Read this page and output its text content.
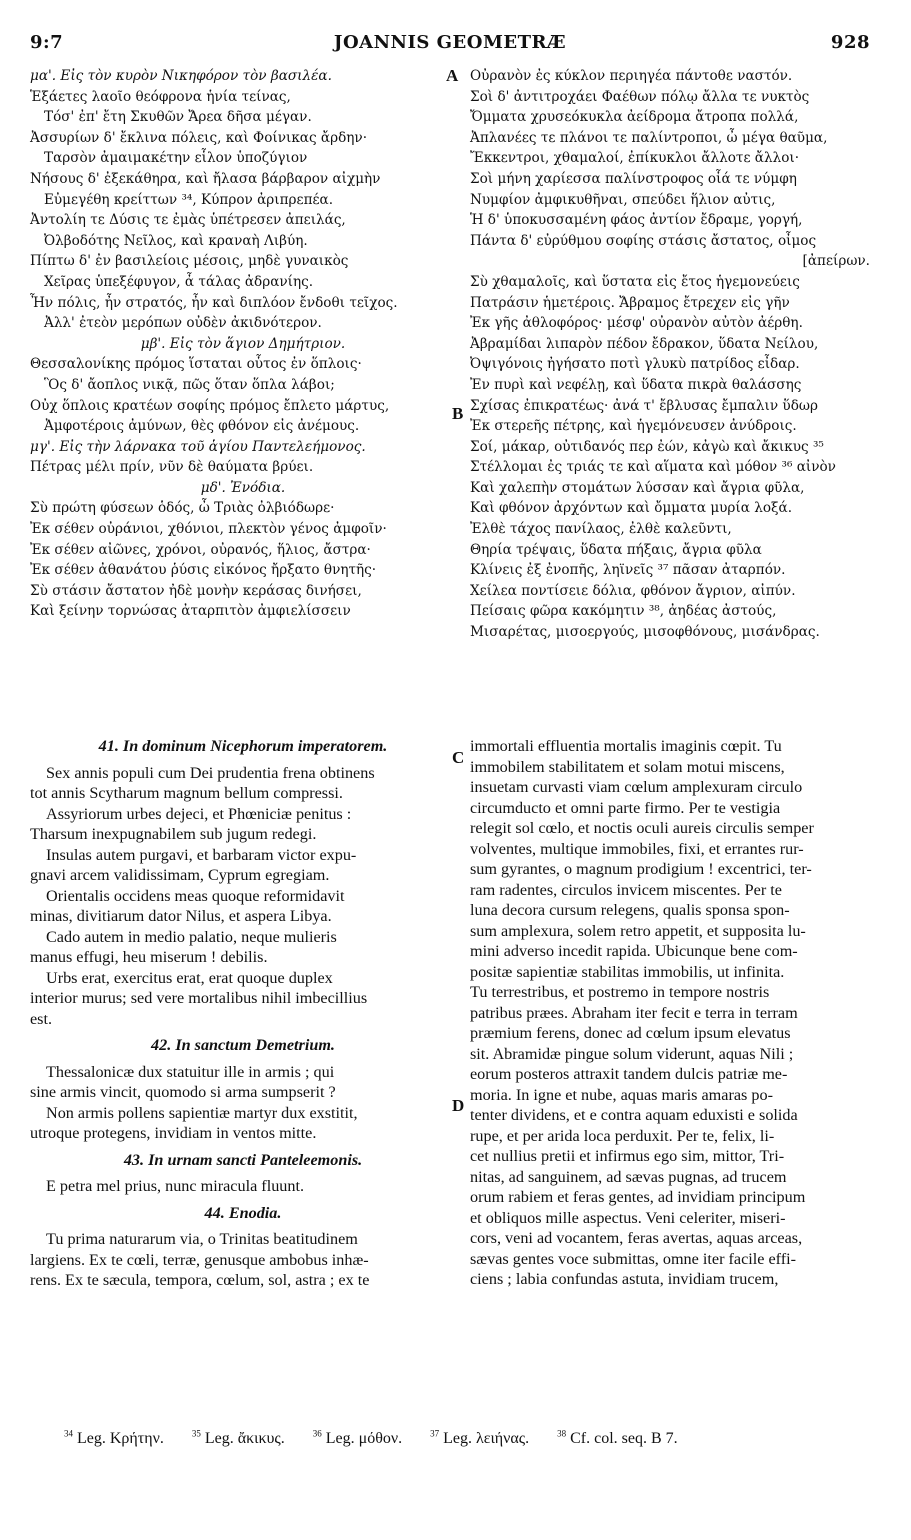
9:7	JOANNIS GEOMETRÆ	928
A
B
C
D
μα'. Εἰς τὸν κυρὸν Νικηφόρον τὸν βασιλέα.
Ἑξάετες λαοῖο θεόφρονα ἡνία τείνας,
Τόσ' ἐπ' ἔτη Σκυθῶν Ἄρεα δῆσα μέγαν.
Ἀσσυρίων δ' ἔκλινα πόλεις, καὶ Φοίνικας ἄρδην·
Ταρσὸν ἀμαιμακέτην εἷλον ὑποζύγιον
Νήσους δ' ἐξεκάθηρα, καὶ ἤλασα βάρβαρον αἰχμὴν
Εὐμεγέθη κρείττων ³⁴, Κύπρον ἀριπρεπέα.
Ἀντολίη τε Δύσις τε ἐμὰς ὑπέτρεσεν ἀπειλάς,
Ὀλβοδότης Νεῖλος, καὶ κραναὴ Λιβύη.
Πίπτω δ' ἐν βασιλείοις μέσοις, μηδὲ γυναικὸς
Χεῖρας ὑπεξέφυγον, ἆ τάλας ἀδρανίης.
Ἦν πόλις, ἦν στρατός, ἦν καὶ διπλόον ἔνδοθι τεῖχος.
Ἀλλ' ἐτεὸν μερόπων οὐδὲν ἀκιδνότερον.
μβ'. Εἰς τὸν ἅγιον Δημήτριον.
Θεσσαλονίκης πρόμος ἵσταται οὗτος ἐν ὅπλοις·
Ὃς δ' ἄοπλος νικᾷ, πῶς ὅταν ὅπλα λάβοι;
Οὐχ ὅπλοις κρατέων σοφίης πρόμος ἔπλετο μάρτυς,
Ἀμφοτέροις ἀμύνων, θὲς φθόνον εἰς ἀνέμους.
μγ'. Εἰς τὴν λάρνακα τοῦ ἁγίου Παντελεήμονος.
Πέτρας μέλι πρίν, νῦν δὲ θαύματα βρύει.
μδ'. Ἐνόδια.
Σὺ πρώτη φύσεων ὁδός, ὦ Τριὰς ὀλβιόδωρε·
Ἐκ σέθεν οὐράνιοι, χθόνιοι, πλεκτὸν γένος ἀμφοῖν·
Ἐκ σέθεν αἰῶνες, χρόνοι, οὐρανός, ἥλιος, ἄστρα·
Ἐκ σέθεν ἀθανάτου ῥύσις εἰκόνος ἤρξατο θνητῆς·
Σὺ στάσιν ἄστατον ἠδὲ μονὴν κεράσας δινήσει,
Καὶ ξείνην τορνώσας ἀταρπιτὸν ἀμφιελίσσειν
Οὐρανὸν ἐς κύκλον περιηγέα πάντοθε ναστόν.
Σοὶ δ' ἀντιτροχάει Φαέθων πόλῳ ἄλλα τε νυκτὸς
Ὄμματα χρυσεόκυκλα ἀείδρομα ἄτροπα πολλά,
Ἀπλανέες τε πλάνοι τε παλίντροποι, ὦ μέγα θαῦμα,
Ἔκκεντροι, χθαμαλοί, ἐπίκυκλοι ἄλλοτε ἄλλοι·
Σοὶ μήνη χαρίεσσα παλίνστροφος οἷά τε νύμφη
Νυμφίον ἀμφικυθῆναι, σπεύδει ἥλιον αὐτις,
Ἡ δ' ὑποκυσσαμένη φάος ἀντίον ἔδραμε, γοργή,
Πάντα δ' εὐρύθμου σοφίης στάσις ἄστατος, οἶμος
[ἀπείρων.
Σὺ χθαμαλοῖς, καὶ ὕστατα εἰς ἔτος ἡγεμονεύεις
Πατράσιν ἡμετέροις. Ἄβραμος ἔτρεχεν εἰς γῆν
Ἐκ γῆς ἀθλοφόρος· μέσφ' οὐρανὸν αὐτὸν ἀέρθη.
Ἀβραμίδαι λιπαρὸν πέδον ἔδρακον, ὕδατα Νείλου,
Ὀψιγόνοις ἠγήσατο ποτὶ γλυκὺ πατρίδος εἶδαρ.
Ἐν πυρὶ καὶ νεφέλῃ, καὶ ὕδατα πικρὰ θαλάσσης
Σχίσας ἐπικρατέως· ἀνά τ' ἔβλυσας ἔμπαλιν ὕδωρ
Ἐκ στερεῆς πέτρης, καὶ ἡγεμόνευσεν ἀνύδροις.
Σοί, μάκαρ, οὐτιδανός περ ἐών, κἀγὼ καὶ ἄκικυς ³⁵
Στέλλομαι ἐς τριάς τε καὶ αἵματα καὶ μόθον ³⁶ αἰνὸν
Καὶ χαλεπὴν στομάτων λύσσαν καὶ ἄγρια φῦλα,
Καὶ φθόνον ἀρχόντων καὶ ὄμματα μυρία λοξά.
Ἐλθὲ τάχος πανίλαος, ἐλθὲ καλεῦντι,
Θηρία τρέψαις, ὕδατα πήξαις, ἄγρια φῦλα
Κλίνεις ἐξ ἐνοπῆς, ληϊνεῖς ³⁷ πᾶσαν ἀταρπόν.
Χείλεα ποντίσειε δόλια, φθόνον ἄγριον, αἰπύν.
Πείσαις φῶρα κακόμητιν ³⁸, ἀηδέας ἀστούς,
Μισαρέτας, μισοεργούς, μισοφθόνους, μισάνδρας.
41. In dominum Nicephorum imperatorem.
Sex annis populi cum Dei prudentia frena obtinens
tot annis Scytharum magnum bellum compressi.
Assyriorum urbes dejeci, et Phœniciæ penitus :
Tharsum inexpugnabilem sub jugum redegi.
Insulas autem purgavi, et barbaram victor expu-
gnavi arcem validissimam, Cyprum egregiam.
Orientalis occidens meas quoque reformidavit
minas, divitiarum dator Nilus, et aspera Libya.
Cado autem in medio palatio, neque mulieris
manus effugi, heu miserum ! debilis.
Urbs erat, exercitus erat, erat quoque duplex
interior murus; sed vere mortalibus nihil imbecillius
est.
42. In sanctum Demetrium.
Thessalonicæ dux statuitur ille in armis ; qui
sine armis vincit, quomodo si arma sumpserit ?
Non armis pollens sapientiæ martyr dux exstitit,
utroque protegens, invidiam in ventos mitte.
43. In urnam sancti Panteleemonis.
E petra mel prius, nunc miracula fluunt.
44. Enodia.
Tu prima naturarum via, o Trinitas beatitudinem
largiens. Ex te cœli, terræ, genusque ambobus inhæ-
rens. Ex te sæcula, tempora, cœlum, sol, astra ; ex te
immortali effluentia mortalis imaginis cœpit. Tu
immobilem stabilitatem et solam motui miscens,
insuetam curvasti viam cœlum amplexuram circulo
circumducto et omni parte firmo. Per te vestigia
relegit sol cœlo, et noctis oculi aureis circulis semper
volventes, multique immobiles, fixi, et errantes rur-
sum gyrantes, o magnum prodigium ! excentrici, ter-
ram radentes, circulos invicem miscentes. Per te
luna decora cursum relegens, qualis sponsa spon-
sum amplexura, solem retro appetit, et supposita lu-
mini adverso incedit rapida. Ubicunque bene com-
positæ sapientiæ stabilitas immobilis, ut infinita.
Tu terrestribus, et postremo in tempore nostris
patribus præes. Abraham iter fecit e terra in terram
præmium ferens, donec ad cœlum ipsum elevatus
sit. Abramidæ pingue solum viderunt, aquas Nili ;
eorum posteros attraxit tandem dulcis patriæ me-
moria. In igne et nube, aquas maris amaras po-
tenter dividens, et e contra aquam eduxisti e solida
rupe, et per arida loca perduxit. Per te, felix, li-
cet nullius pretii et infirmus ego sim, mittor, Tri-
nitas, ad sanguinem, ad sævas pugnas, ad trucem
orum rabiem et feras gentes, ad invidiam principum
et obliquos mille aspectus. Veni celeriter, miseri-
cors, veni ad vocantem, feras avertas, aquas arceas,
sævas gentes voce submittas, omne iter facile effi-
ciens ; labia confundas astuta, invidiam trucem,
$^{34}$ Leg. Κρήτην.	$^{35}$ Leg. ἄκικυς.	$^{36}$ Leg. μόθον.	$^{37}$ Leg. λειήνας.	$^{38}$ Cf. col. seq. B 7.
